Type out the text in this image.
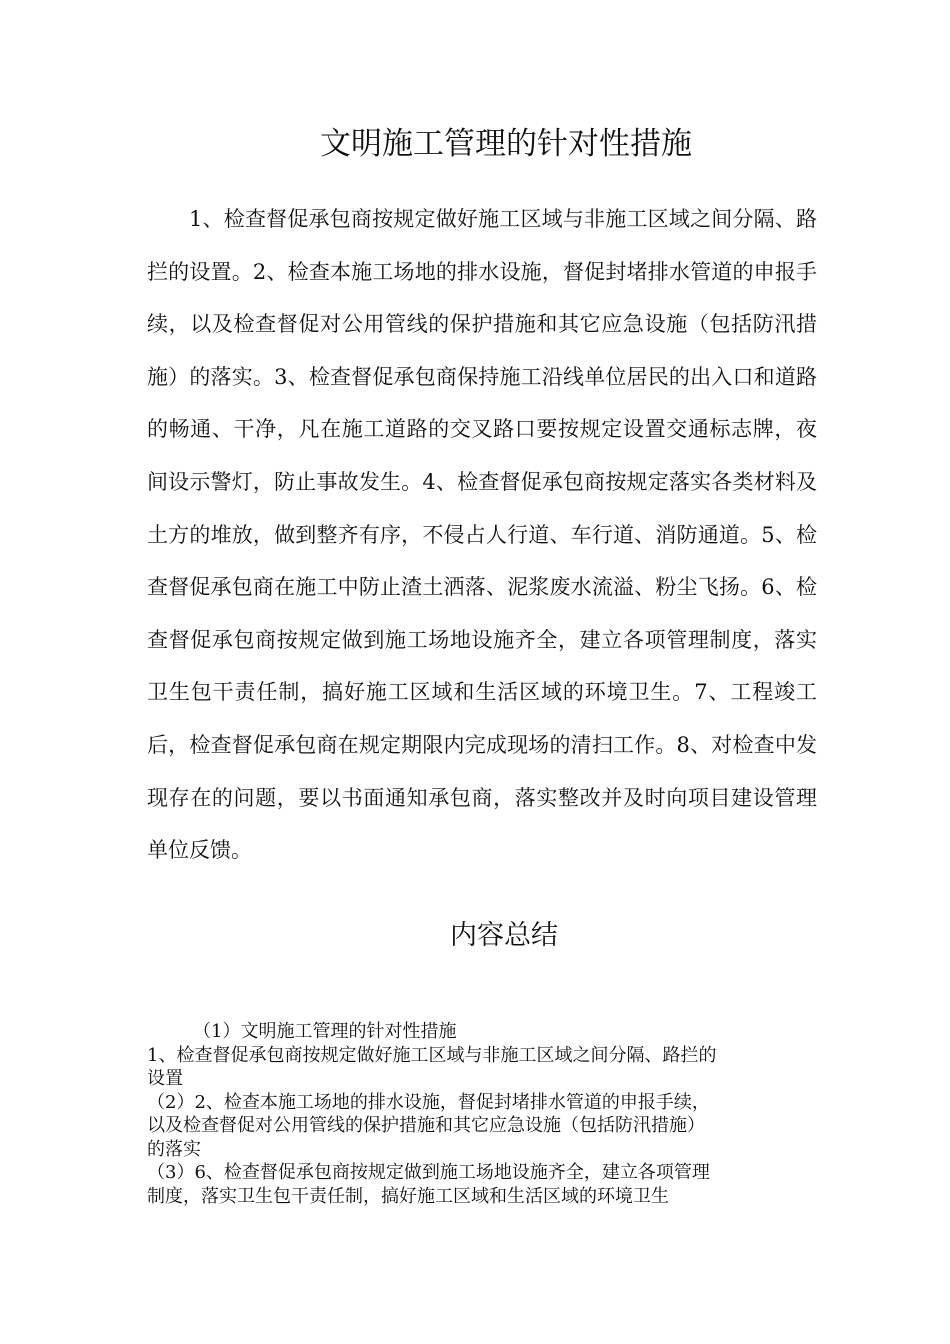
文明施工管理的针对性措施

1、检查督促承包商按规定做好施工区域与非施工区域之间分隔、路拦的设置。2、检查本施工场地的排水设施，督促封堵排水管道的申报手续，以及检查督促对公用管线的保护措施和其它应急设施（包括防汛措施）的落实。3、检查督促承包商保持施工沿线单位居民的出入口和道路的畅通、干净，凡在施工道路的交叉路口要按规定设置交通标志牌，夜间设示警灯，防止事故发生。4、检查督促承包商按规定落实各类材料及土方的堆放，做到整齐有序，不侵占人行道、车行道、消防通道。5、检查督促承包商在施工中防止渣土洒落、泥浆废水流溢、粉尘飞扬。6、检查督促承包商按规定做到施工场地设施齐全，建立各项管理制度，落实卫生包干责任制，搞好施工区域和生活区域的环境卫生。7、工程竣工后，检查督促承包商在规定期限内完成现场的清扫工作。8、对检查中发现存在的问题，要以书面通知承包商，落实整改并及时向项目建设管理单位反馈。

内容总结
（1）文明施工管理的针对性措施
1、检查督促承包商按规定做好施工区域与非施工区域之间分隔、路拦的
设置
（2）2、检查本施工场地的排水设施，督促封堵排水管道的申报手续，
以及检查督促对公用管线的保护措施和其它应急设施（包括防汛措施）
的落实
（3）6、检查督促承包商按规定做到施工场地设施齐全，建立各项管理
制度，落实卫生包干责任制，搞好施工区域和生活区域的环境卫生
